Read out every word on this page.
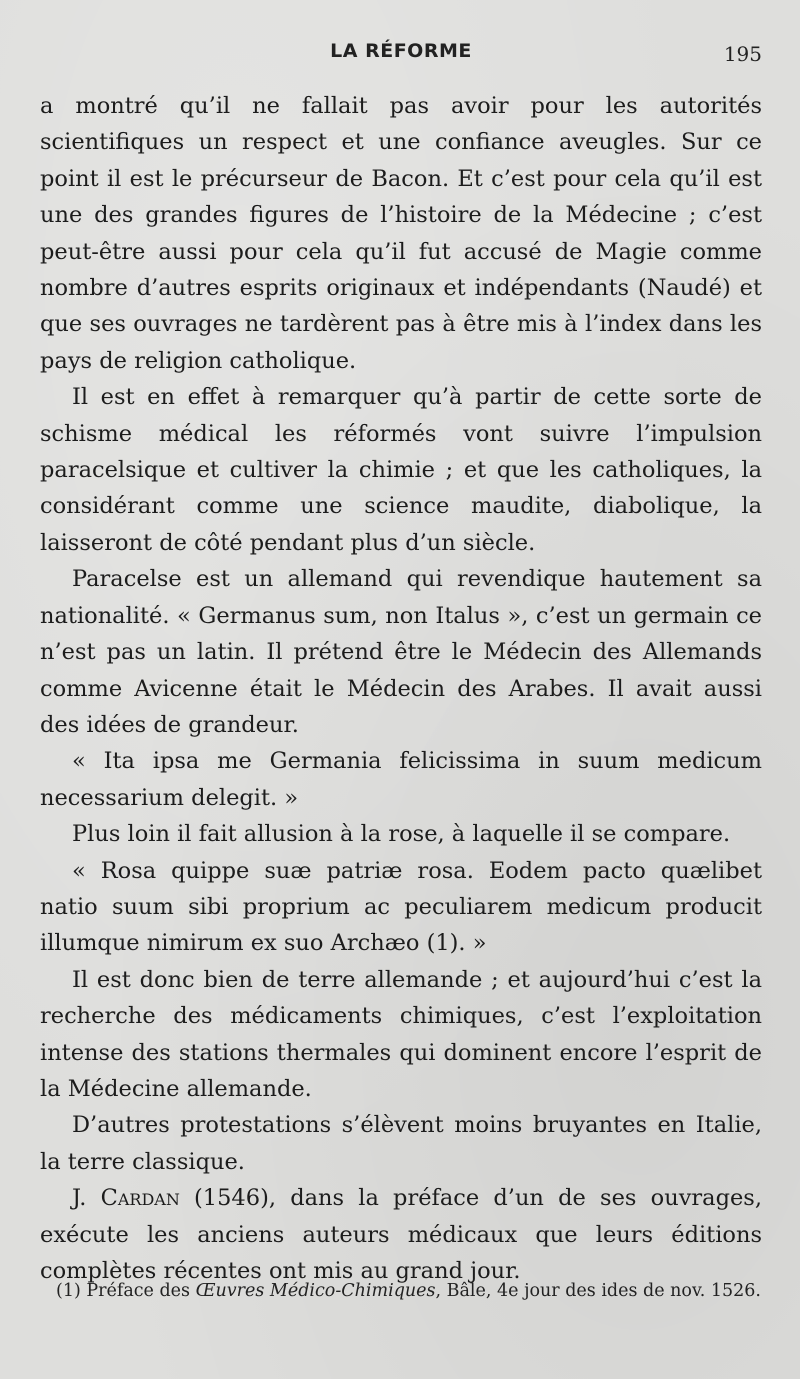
LA RÉFORME	195

a montré qu’il ne fallait pas avoir pour les autorités scientifiques un respect et une confiance aveugles. Sur ce point il est le précurseur de Bacon. Et c’est pour cela qu’il est une des grandes figures de l’histoire de la Médecine ; c’est peut-être aussi pour cela qu’il fut accusé de Magie comme nombre d’autres esprits originaux et indépendants (Naudé) et que ses ouvrages ne tardèrent pas à être mis à l’index dans les pays de religion catholique.

Il est en effet à remarquer qu’à partir de cette sorte de schisme médical les réformés vont suivre l’impulsion paracelsique et cultiver la chimie ; et que les catholiques, la considérant comme une science maudite, diabolique, la laisseront de côté pendant plus d’un siècle.

Paracelse est un allemand qui revendique hautement sa nationalité. « Germanus sum, non Italus », c’est un germain ce n’est pas un latin. Il prétend être le Médecin des Allemands comme Avicenne était le Médecin des Arabes. Il avait aussi des idées de grandeur.

« Ita ipsa me Germania felicissima in suum medicum necessarium delegit. »

Plus loin il fait allusion à la rose, à laquelle il se compare.

« Rosa quippe suæ patriæ rosa. Eodem pacto quælibet natio suum sibi proprium ac peculiarem medicum producit illumque nimirum ex suo Archæo (1). »

Il est donc bien de terre allemande ; et aujourd’hui c’est la recherche des médicaments chimiques, c’est l’exploitation intense des stations thermales qui dominent encore l’esprit de la Médecine allemande.

D’autres protestations s’élèvent moins bruyantes en Italie, la terre classique.

J. Cardan (1546), dans la préface d’un de ses ouvrages, exécute les anciens auteurs médicaux que leurs éditions complètes récentes ont mis au grand jour.

(1) Préface des Œuvres Médico-Chimiques, Bâle, 4e jour des ides de nov. 1526.
